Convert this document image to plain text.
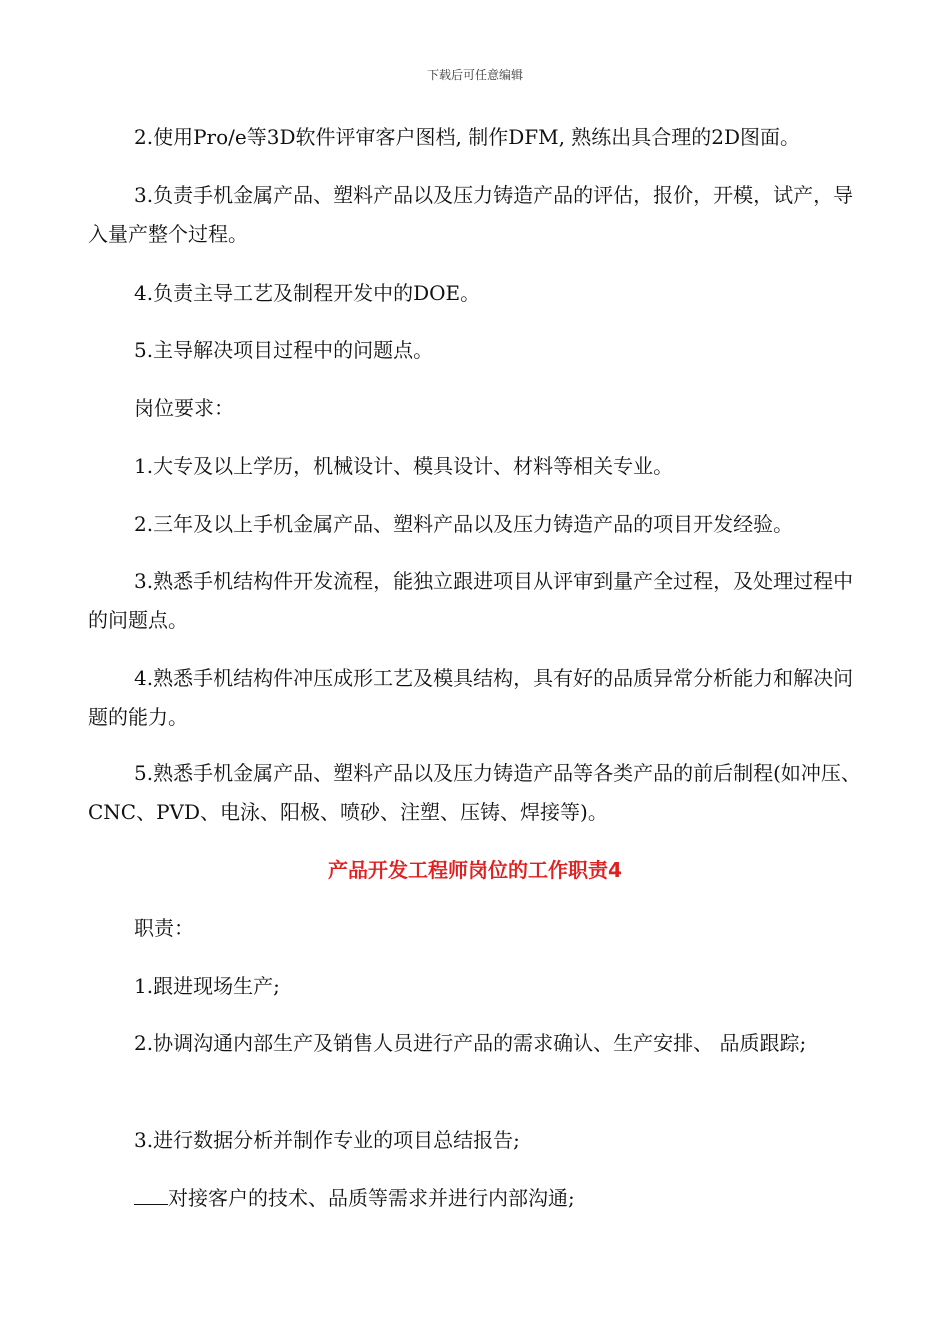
下载后可任意编辑
2.使用Pro/e等3D软件评审客户图档, 制作DFM, 熟练出具合理的2D图面。
3.负责手机金属产品、塑料产品以及压力铸造产品的评估，报价，开模，试产，导入量产整个过程。
4.负责主导工艺及制程开发中的DOE。
5.主导解决项目过程中的问题点。
岗位要求：
1.大专及以上学历，机械设计、模具设计、材料等相关专业。
2.三年及以上手机金属产品、塑料产品以及压力铸造产品的项目开发经验。
3.熟悉手机结构件开发流程，能独立跟进项目从评审到量产全过程，及处理过程中的问题点。
4.熟悉手机结构件冲压成形工艺及模具结构，具有好的品质异常分析能力和解决问题的能力。
5.熟悉手机金属产品、塑料产品以及压力铸造产品等各类产品的前后制程(如冲压、CNC、PVD、电泳、阳极、喷砂、注塑、压铸、焊接等)。
产品开发工程师岗位的工作职责4
职责：
1.跟进现场生产;
2.协调沟通内部生产及销售人员进行产品的需求确认、生产安排、 品质跟踪;
3.进行数据分析并制作专业的项目总结报告;
对接客户的技术、品质等需求并进行内部沟通;
